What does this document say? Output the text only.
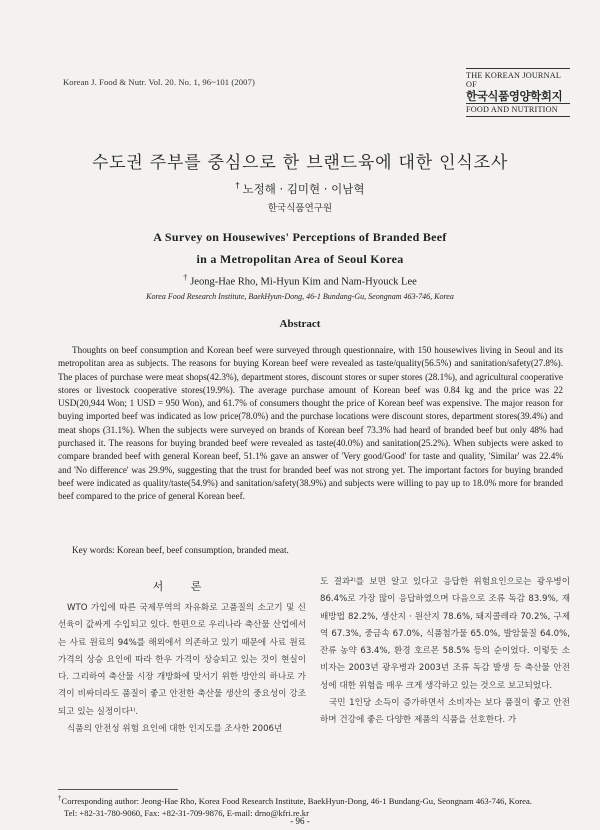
Korean J. Food & Nutr. Vol. 20. No. 1, 96~101 (2007)
THE KOREAN JOURNAL OF
한국식품영양학회지
FOOD AND NUTRITION
수도권 주부를 중심으로 한 브랜드육에 대한 인식조사
† 노정해 · 김미현 · 이남혁
한국식품연구원
A Survey on Housewives' Perceptions of Branded Beef
in a Metropolitan Area of Seoul Korea
† Jeong-Hae Rho, Mi-Hyun Kim and Nam-Hyouck Lee
Korea Food Research Institute, BaekHyun-Dong, 46-1 Bundang-Gu, Seongnam 463-746, Korea
Abstract

Thoughts on beef consumption and Korean beef were surveyed through questionnaire, with 150 housewives living in Seoul and its metropolitan area as subjects. The reasons for buying Korean beef were revealed as taste/quality(56.5%) and sanitation/safety(27.8%). The places of purchase were meat shops(42.3%), department stores, discount stores or super stores (28.1%), and agricultural cooperative stores or livestock cooperative stores(19.9%). The average purchase amount of Korean beef was 0.84 kg and the price was 22 USD(20,944 Won; 1 USD = 950 Won), and 61.7% of consumers thought the price of Korean beef was expensive. The major reason for buying imported beef was indicated as low price(78.0%) and the purchase locations were discount stores, department stores(39.4%) and meat shops (31.1%). When the subjects were surveyed on brands of Korean beef 73.3% had heard of branded beef but only 48% had purchased it. The reasons for buying branded beef were revealed as taste(40.0%) and sanitation(25.2%). When subjects were asked to compare branded beef with general Korean beef, 51.1% gave an answer of 'Very good/Good' for taste and quality, 'Similar' was 22.4% and 'No difference' was 29.9%, suggesting that the trust for branded beef was not strong yet. The important factors for buying branded beef were indicated as quality/taste(54.9%) and sanitation/safety(38.9%) and subjects were willing to pay up to 18.0% more for branded beef compared to the price of general Korean beef.

Key words: Korean beef, beef consumption, branded meat.
서 론

WTO 가입에 따른 국제무역의 자유화로 고품질의 소고기 및 신선육이 값싸게 수입되고 있다. 한편으로 우리나라 축산물 산업에서는 사료 원료의 94%를 해외에서 의존하고 있기 때문에 사료 원료 가격의 상승 요인에 따라 한우 가격이 상승되고 있는 것이 현실이다. 그리하여 축산물 시장 개방화에 맞서기 위한 방안의 하나로 가격이 비싸더라도 품질이 좋고 안전한 축산물 생산의 중요성이 강조되고 있는 실정이다¹⁾.

식품의 안전성 위험 요인에 대한 인지도를 조사한 2006년

도 결과²⁾를 보면 알고 있다고 응답한 위험요인으로는 광우병이 86.4%로 가장 많이 응답하였으며 다음으로 조류 독감 83.9%, 재배방법 82.2%, 생산지 · 원산지 78.6%, 돼지콜레라 70.2%, 구제역 67.3%, 중금속 67.0%, 식품첨가물 65.0%, 발암물질 64.0%, 잔류 농약 63.4%, 환경 호르몬 58.5% 등의 순이었다. 이렇듯 소비자는 2003년 광우병과 2003년 조류 독감 발생 등 축산물 안전성에 대한 위험을 매우 크게 생각하고 있는 것으로 보고되었다.

국민 1인당 소득이 증가하면서 소비자는 보다 품질이 좋고 안전하며 건강에 좋은 다양한 제품의 식품을 선호한다. 가

†Corresponding author: Jeong-Hae Rho, Korea Food Research Institute, BaekHyun-Dong, 46-1 Bundang-Gu, Seongnam 463-746, Korea.
Tel: +82-31-780-9060, Fax: +82-31-709-9876, E-mail: drno@kfri.re.kr
- 96 -
